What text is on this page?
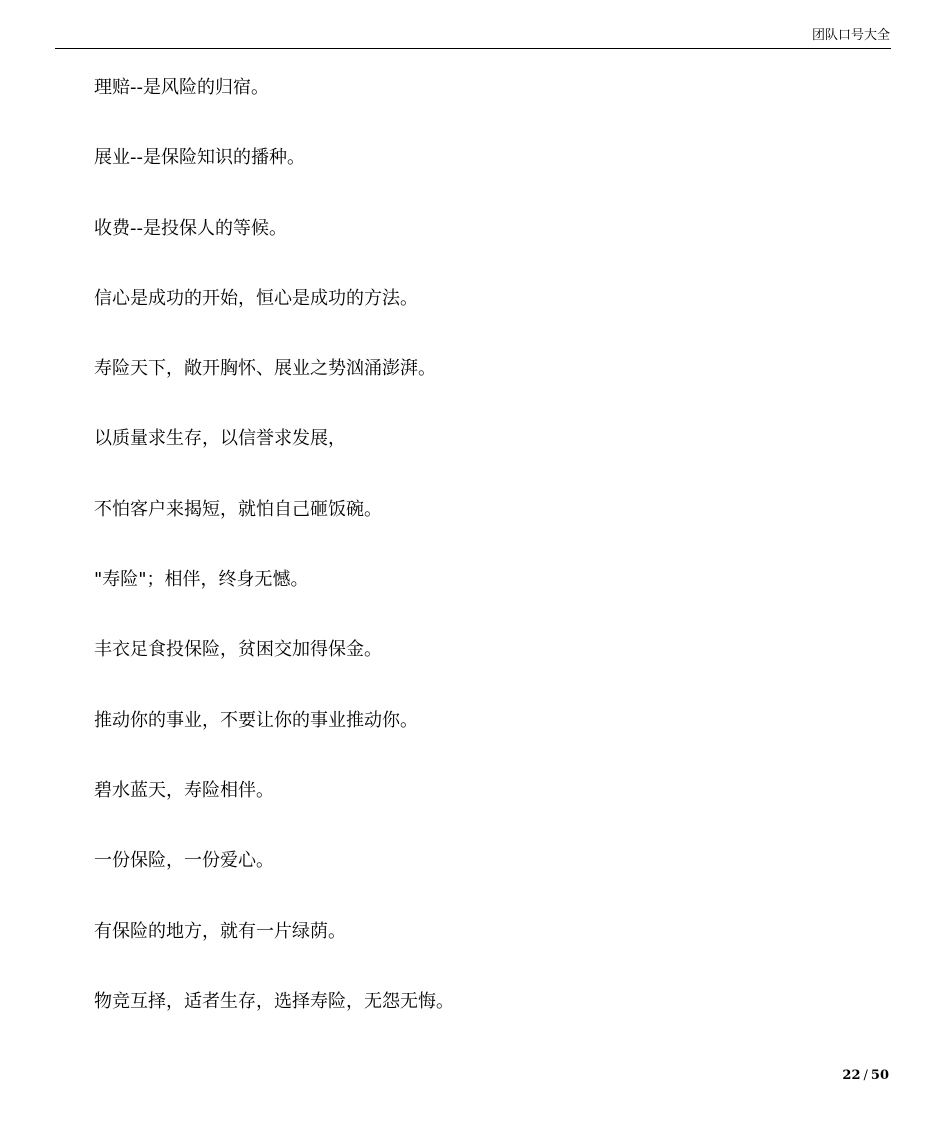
团队口号大全
理赔--是风险的归宿。
展业--是保险知识的播种。
收费--是投保人的等候。
信心是成功的开始，恒心是成功的方法。
寿险天下，敞开胸怀、展业之势汹涌澎湃。
以质量求生存，以信誉求发展，
不怕客户来揭短，就怕自己砸饭碗。
"寿险"；相伴，终身无憾。
丰衣足食投保险，贫困交加得保金。
推动你的事业，不要让你的事业推动你。
碧水蓝天，寿险相伴。
一份保险，一份爱心。
有保险的地方，就有一片绿荫。
物竞互择，适者生存，选择寿险，无怨无悔。
22 / 50
